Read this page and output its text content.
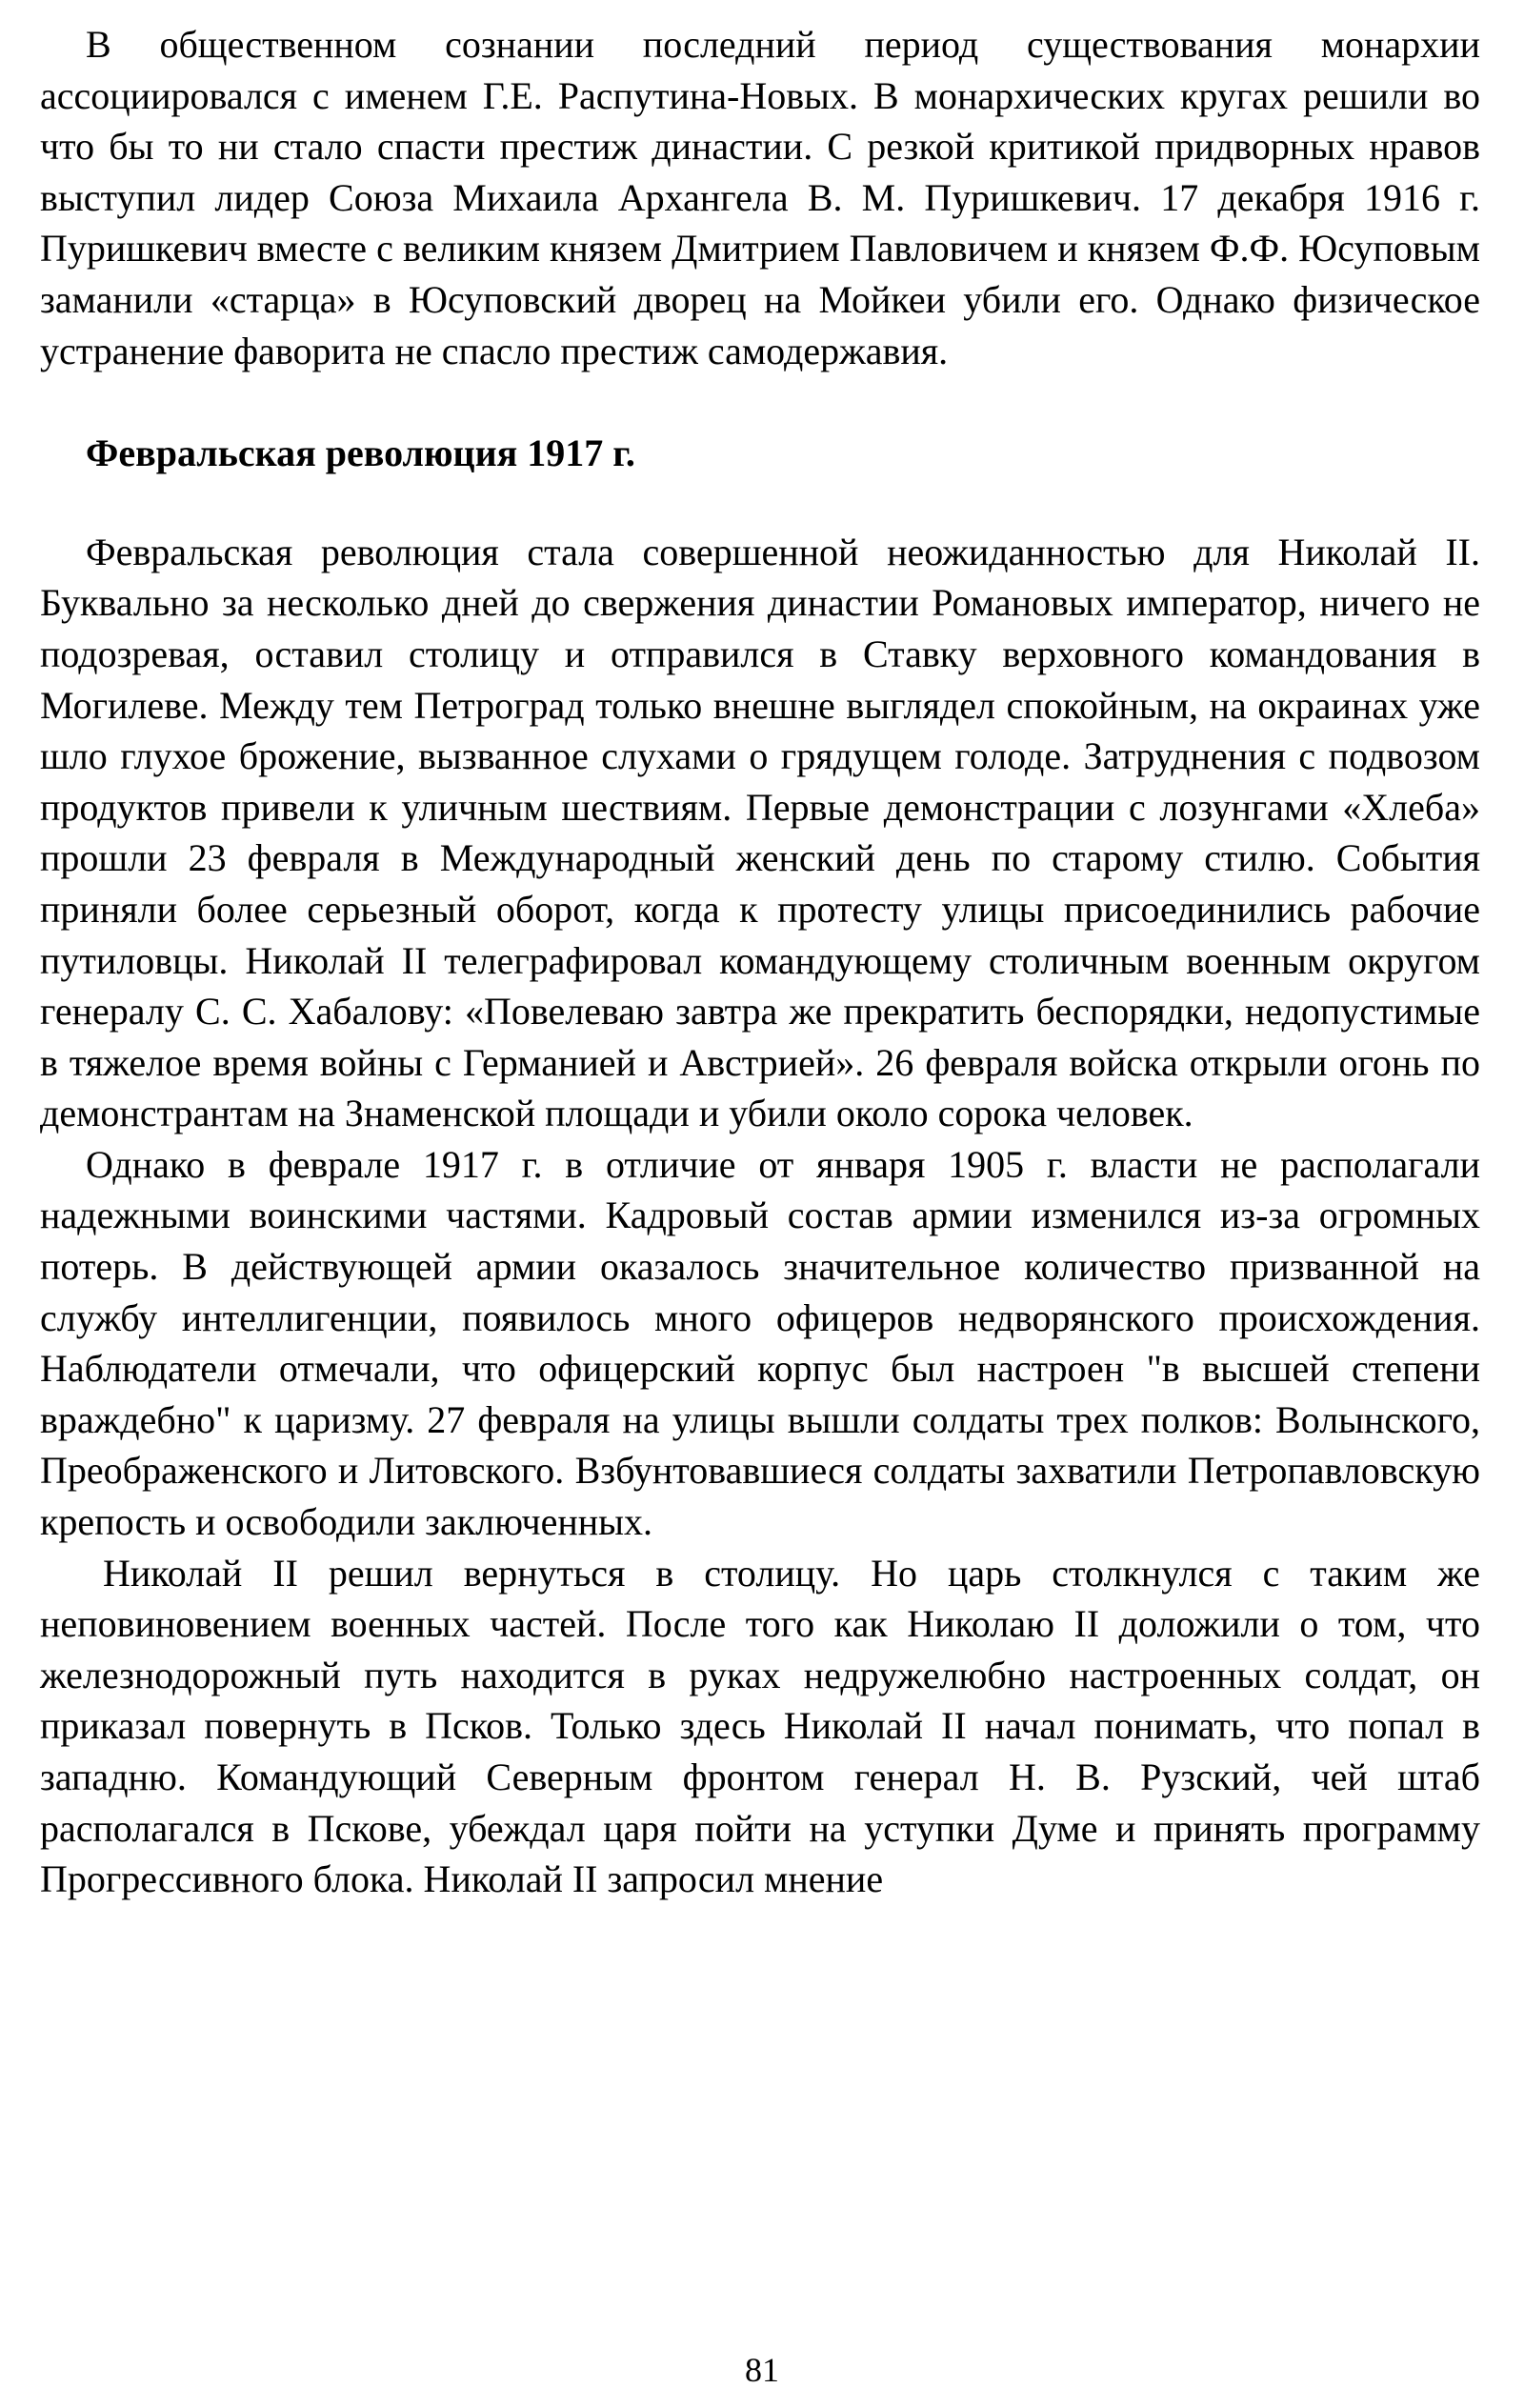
В общественном сознании последний период существования монархии ассоциировался с именем Г.Е. Распутина-Новых. В монархических кругах решили во что бы то ни стало спасти престиж династии. С резкой критикой придворных нравов выступил лидер Союза Михаила Архангела В. М. Пуришкевич. 17 декабря 1916 г. Пуришкевич вместе с великим князем Дмитрием Павловичем и князем Ф.Ф. Юсуповым заманили «старца» в Юсуповский дворец на Мойкеи убили его. Однако физическое устранение фаворита не спасло престиж самодержавия.

Февральская революция 1917 г.

Февральская революция стала совершенной неожиданностью для Николай II. Буквально за несколько дней до свержения династии Романовых император, ничего не подозревая, оставил столицу и отправился в Ставку верховного командования в Могилеве. Между тем Петроград только внешне выглядел спокойным, на окраинах уже шло глухое брожение, вызванное слухами о грядущем голоде. Затруднения с подвозом продуктов привели к уличным шествиям. Первые демонстрации с лозунгами «Хлеба» прошли 23 февраля в Международный женский день по старому стилю. События приняли более серьезный оборот, когда к протесту улицы присоединились рабочие путиловцы. Николай II телеграфировал командующему столичным военным округом генералу С. С. Хабалову: «Повелеваю завтра же прекратить беспорядки, недопустимые в тяжелое время войны с Германией и Австрией». 26 февраля войска открыли огонь по демонстрантам на Знаменской площади и убили около сорока человек.

Однако в феврале 1917 г. в отличие от января 1905 г. власти не располагали надежными воинскими частями. Кадровый состав армии изменился из-за огромных потерь. В действующей армии оказалось значительное количество призванной на службу интеллигенции, появилось много офицеров недворянского происхождения. Наблюдатели отмечали, что офицерский корпус был настроен "в высшей степени враждебно" к царизму. 27 февраля на улицы вышли солдаты трех полков: Волынского, Преображенского и Литовского. Взбунтовавшиеся солдаты захватили Петропавловскую крепость и освободили заключенных.

Николай II решил вернуться в столицу. Но царь столкнулся с таким же неповиновением военных частей. После того как Николаю II доложили о том, что железнодорожный путь находится в руках недружелюбно настроенных солдат, он приказал повернуть в Псков. Только здесь Николай II начал понимать, что попал в западню. Командующий Северным фронтом генерал Н. В. Рузский, чей штаб располагался в Пскове, убеждал царя пойти на уступки Думе и принять программу Прогрессивного блока. Николай II запросил мнение

81
